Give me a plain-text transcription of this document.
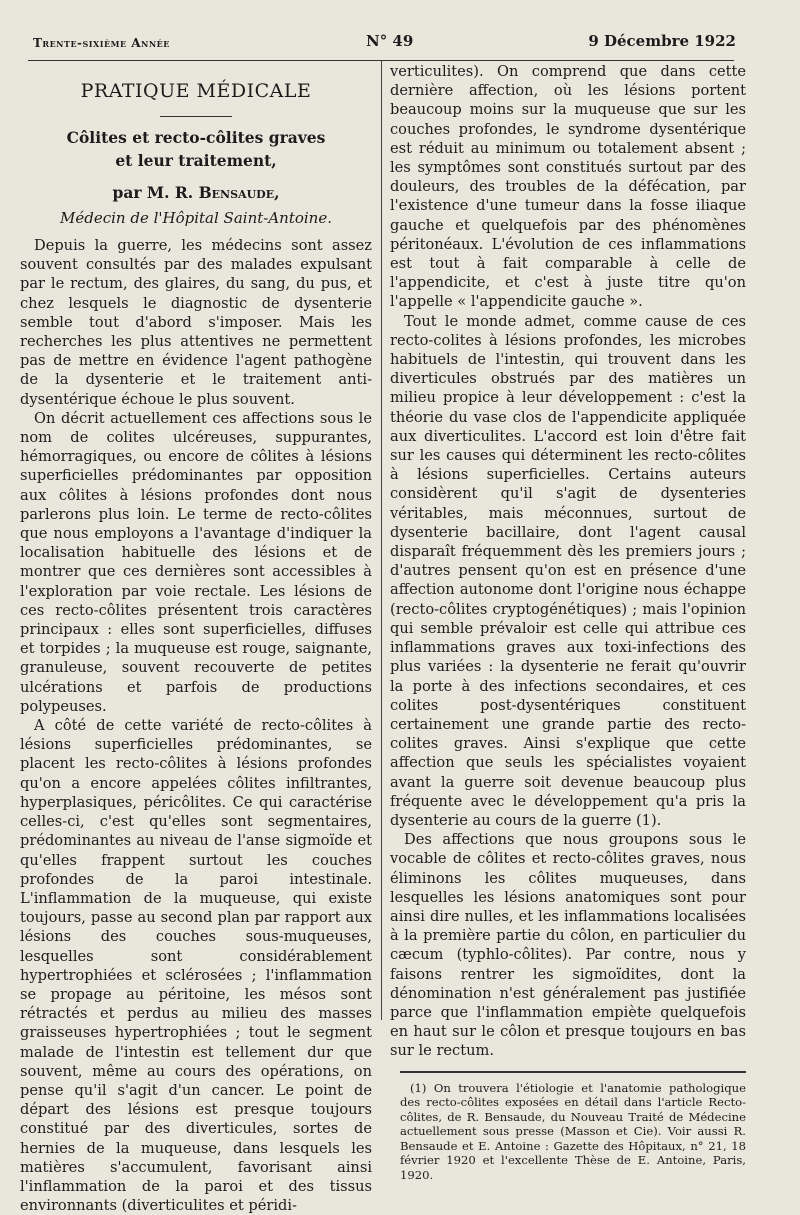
Trente-sixième Année	N° 49	9 Décembre 1922
PRATIQUE MÉDICALE
Côlites et recto-côlites graves
et leur traitement,
par M. R. Bensaude,
Médecin de l'Hôpital Saint-Antoine.

Depuis la guerre, les médecins sont assez souvent consultés par des malades expulsant par le rectum, des glaires, du sang, du pus, et chez lesquels le diagnostic de dysenterie semble tout d'abord s'imposer. Mais les recherches les plus attentives ne permettent pas de mettre en évidence l'agent pathogène de la dysenterie et le traitement anti-dysentérique échoue le plus souvent.

On décrit actuellement ces affections sous le nom de colites ulcéreuses, suppurantes, hémorragiques, ou encore de côlites à lésions superficielles prédominantes par opposition aux côlites à lésions profondes dont nous parlerons plus loin. Le terme de recto-côlites que nous employons a l'avantage d'indiquer la localisation habituelle des lésions et de montrer que ces dernières sont accessibles à l'exploration par voie rectale. Les lésions de ces recto-côlites présentent trois caractères principaux : elles sont superficielles, diffuses et torpides ; la muqueuse est rouge, saignante, granuleuse, souvent recouverte de petites ulcérations et parfois de productions polypeuses.

A côté de cette variété de recto-côlites à lésions superficielles prédominantes, se placent les recto-côlites à lésions profondes qu'on a encore appelées côlites infiltrantes, hyperplasiques, péricôlites. Ce qui caractérise celles-ci, c'est qu'elles sont segmentaires, prédominantes au niveau de l'anse sigmoïde et qu'elles frappent surtout les couches profondes de la paroi intestinale. L'inflammation de la muqueuse, qui existe toujours, passe au second plan par rapport aux lésions des couches sous-muqueuses, lesquelles sont considérablement hypertrophiées et sclérosées ; l'inflammation se propage au péritoine, les mésos sont rétractés et perdus au milieu des masses graisseuses hypertrophiées ; tout le segment malade de l'intestin est tellement dur que souvent, même au cours des opérations, on pense qu'il s'agit d'un cancer. Le point de départ des lésions est presque toujours constitué par des diverticules, sortes de hernies de la muqueuse, dans lesquels les matières s'accumulent, favorisant ainsi l'inflammation de la paroi et des tissus environnants (diverticulites et péridi-

verticulites). On comprend que dans cette dernière affection, où les lésions portent beaucoup moins sur la muqueuse que sur les couches profondes, le syndrome dysentérique est réduit au minimum ou totalement absent ; les symptômes sont constitués surtout par des douleurs, des troubles de la défécation, par l'existence d'une tumeur dans la fosse iliaque gauche et quelquefois par des phénomènes péritonéaux. L'évolution de ces inflammations est tout à fait comparable à celle de l'appendicite, et c'est à juste titre qu'on l'appelle « l'appendicite gauche ».

Tout le monde admet, comme cause de ces recto-colites à lésions profondes, les microbes habituels de l'intestin, qui trouvent dans les diverticules obstrués par des matières un milieu propice à leur développement : c'est la théorie du vase clos de l'appendicite appliquée aux diverticulites. L'accord est loin d'être fait sur les causes qui déterminent les recto-côlites à lésions superficielles. Certains auteurs considèrent qu'il s'agit de dysenteries véritables, mais méconnues, surtout de dysenterie bacillaire, dont l'agent causal disparaît fréquemment dès les premiers jours ; d'autres pensent qu'on est en présence d'une affection autonome dont l'origine nous échappe (recto-côlites cryptogénétiques) ; mais l'opinion qui semble prévaloir est celle qui attribue ces inflammations graves aux toxi-infections des plus variées : la dysenterie ne ferait qu'ouvrir la porte à des infections secondaires, et ces colites post-dysentériques constituent certainement une grande partie des recto-colites graves. Ainsi s'explique que cette affection que seuls les spécialistes voyaient avant la guerre soit devenue beaucoup plus fréquente avec le développement qu'a pris la dysenterie au cours de la guerre (1).

Des affections que nous groupons sous le vocable de côlites et recto-côlites graves, nous éliminons les côlites muqueuses, dans lesquelles les lésions anatomiques sont pour ainsi dire nulles, et les inflammations localisées à la première partie du côlon, en particulier du cæcum (typhlo-côlites). Par contre, nous y faisons rentrer les sigmoïdites, dont la dénomination n'est généralement pas justifiée parce que l'inflammation empiète quelquefois en haut sur le côlon et presque toujours en bas sur le rectum.

(1) On trouvera l'étiologie et l'anatomie pathologique des recto-côlites exposées en détail dans l'article Recto-côlites, de R. Bensaude, du Nouveau Traité de Médecine actuellement sous presse (Masson et Cie). Voir aussi R. Bensaude et E. Antoine : Gazette des Hôpitaux, n° 21, 18 février 1920 et l'excellente Thèse de E. Antoine, Paris, 1920.
